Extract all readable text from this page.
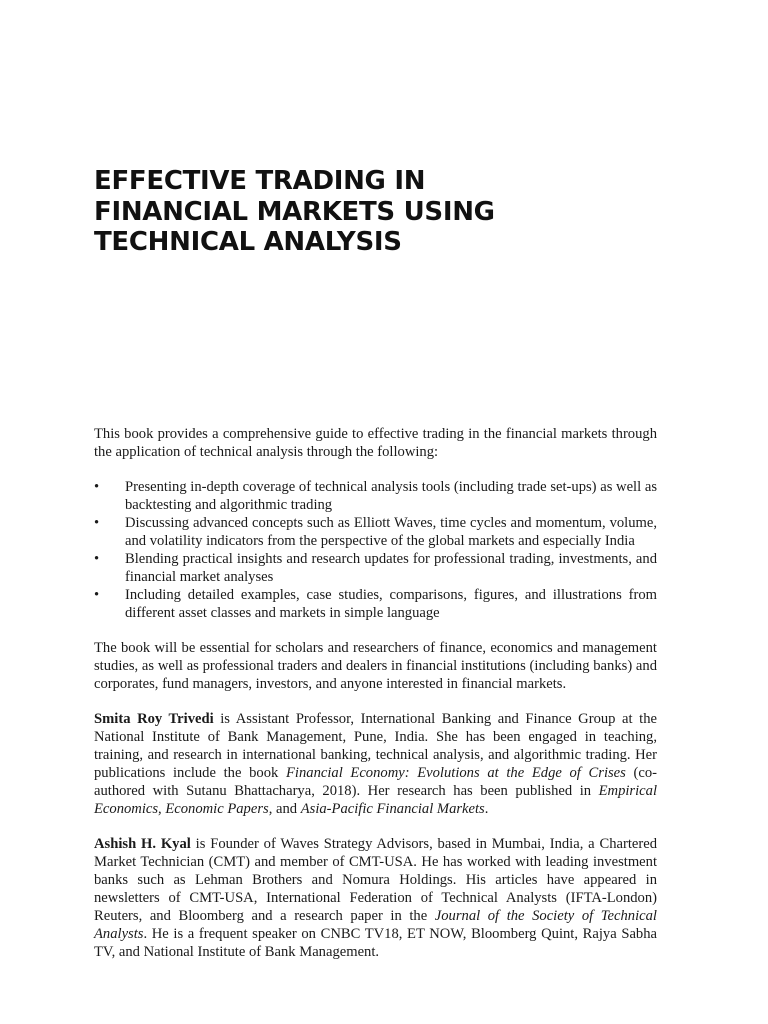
EFFECTIVE TRADING IN
FINANCIAL MARKETS USING
TECHNICAL ANALYSIS

This book provides a comprehensive guide to effective trading in the financial markets through the application of technical analysis through the following:

• Presenting in-depth coverage of technical analysis tools (including trade set-ups) as well as backtesting and algorithmic trading
• Discussing advanced concepts such as Elliott Waves, time cycles and momentum, volume, and volatility indicators from the perspective of the global markets and especially India
• Blending practical insights and research updates for professional trading, investments, and financial market analyses
• Including detailed examples, case studies, comparisons, figures, and illustrations from different asset classes and markets in simple language

The book will be essential for scholars and researchers of finance, economics and management studies, as well as professional traders and dealers in financial institutions (including banks) and corporates, fund managers, investors, and anyone interested in financial markets.

Smita Roy Trivedi is Assistant Professor, International Banking and Finance Group at the National Institute of Bank Management, Pune, India. She has been engaged in teaching, training, and research in international banking, technical analysis, and algorithmic trading. Her publications include the book Financial Economy: Evolutions at the Edge of Crises (co-authored with Sutanu Bhattacharya, 2018). Her research has been published in Empirical Economics, Economic Papers, and Asia-Pacific Financial Markets.

Ashish H. Kyal is Founder of Waves Strategy Advisors, based in Mumbai, India, a Chartered Market Technician (CMT) and member of CMT-USA. He has worked with leading investment banks such as Lehman Brothers and Nomura Holdings. His articles have appeared in newsletters of CMT-USA, International Federation of Technical Analysts (IFTA-London) Reuters, and Bloomberg and a research paper in the Journal of the Society of Technical Analysts. He is a frequent speaker on CNBC TV18, ET NOW, Bloomberg Quint, Rajya Sabha TV, and National Institute of Bank Management.
